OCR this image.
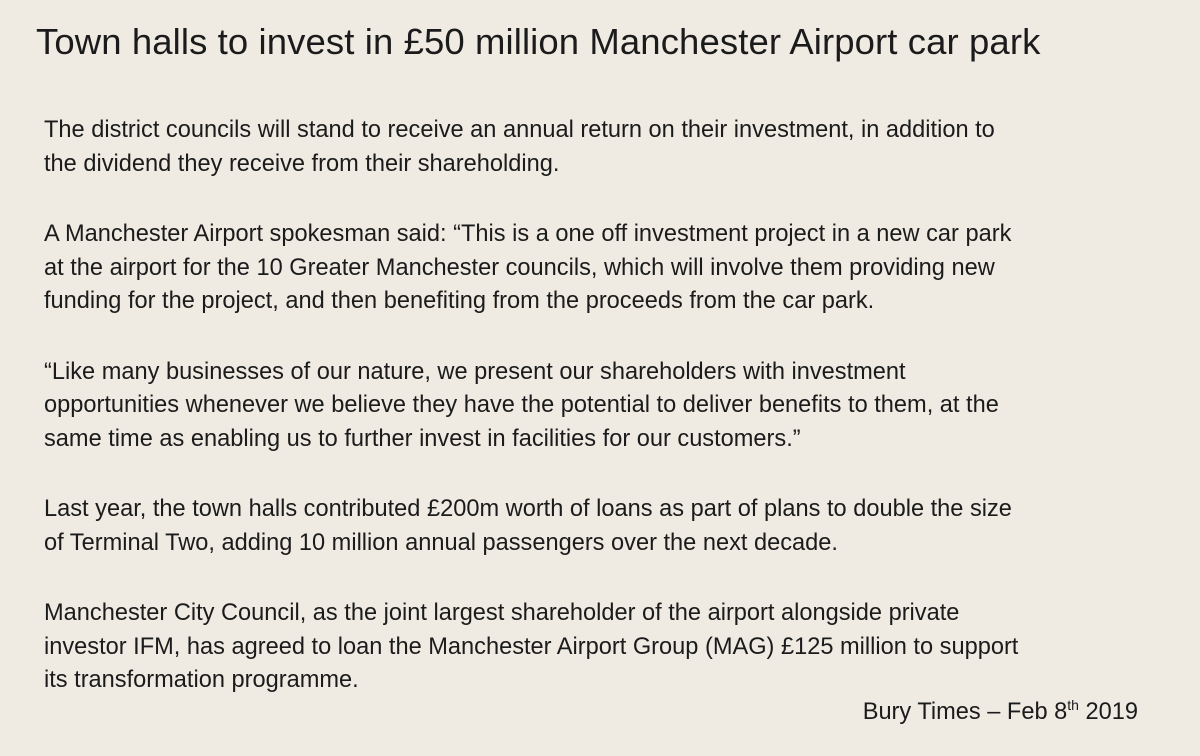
Town halls to invest in £50 million Manchester Airport car park

The district councils will stand to receive an annual return on their investment, in addition to
the dividend they receive from their shareholding.

A Manchester Airport spokesman said: “This is a one off investment project in a new car park
at the airport for the 10 Greater Manchester councils, which will involve them providing new
funding for the project, and then benefiting from the proceeds from the car park.

“Like many businesses of our nature, we present our shareholders with investment
opportunities whenever we believe they have the potential to deliver benefits to them, at the
same time as enabling us to further invest in facilities for our customers.”

Last year, the town halls contributed £200m worth of loans as part of plans to double the size
of Terminal Two, adding 10 million annual passengers over the next decade.

Manchester City Council, as the joint largest shareholder of the airport alongside private
investor IFM, has agreed to loan the Manchester Airport Group (MAG) £125 million to support
its transformation programme.

Bury Times – Feb 8th 2019
